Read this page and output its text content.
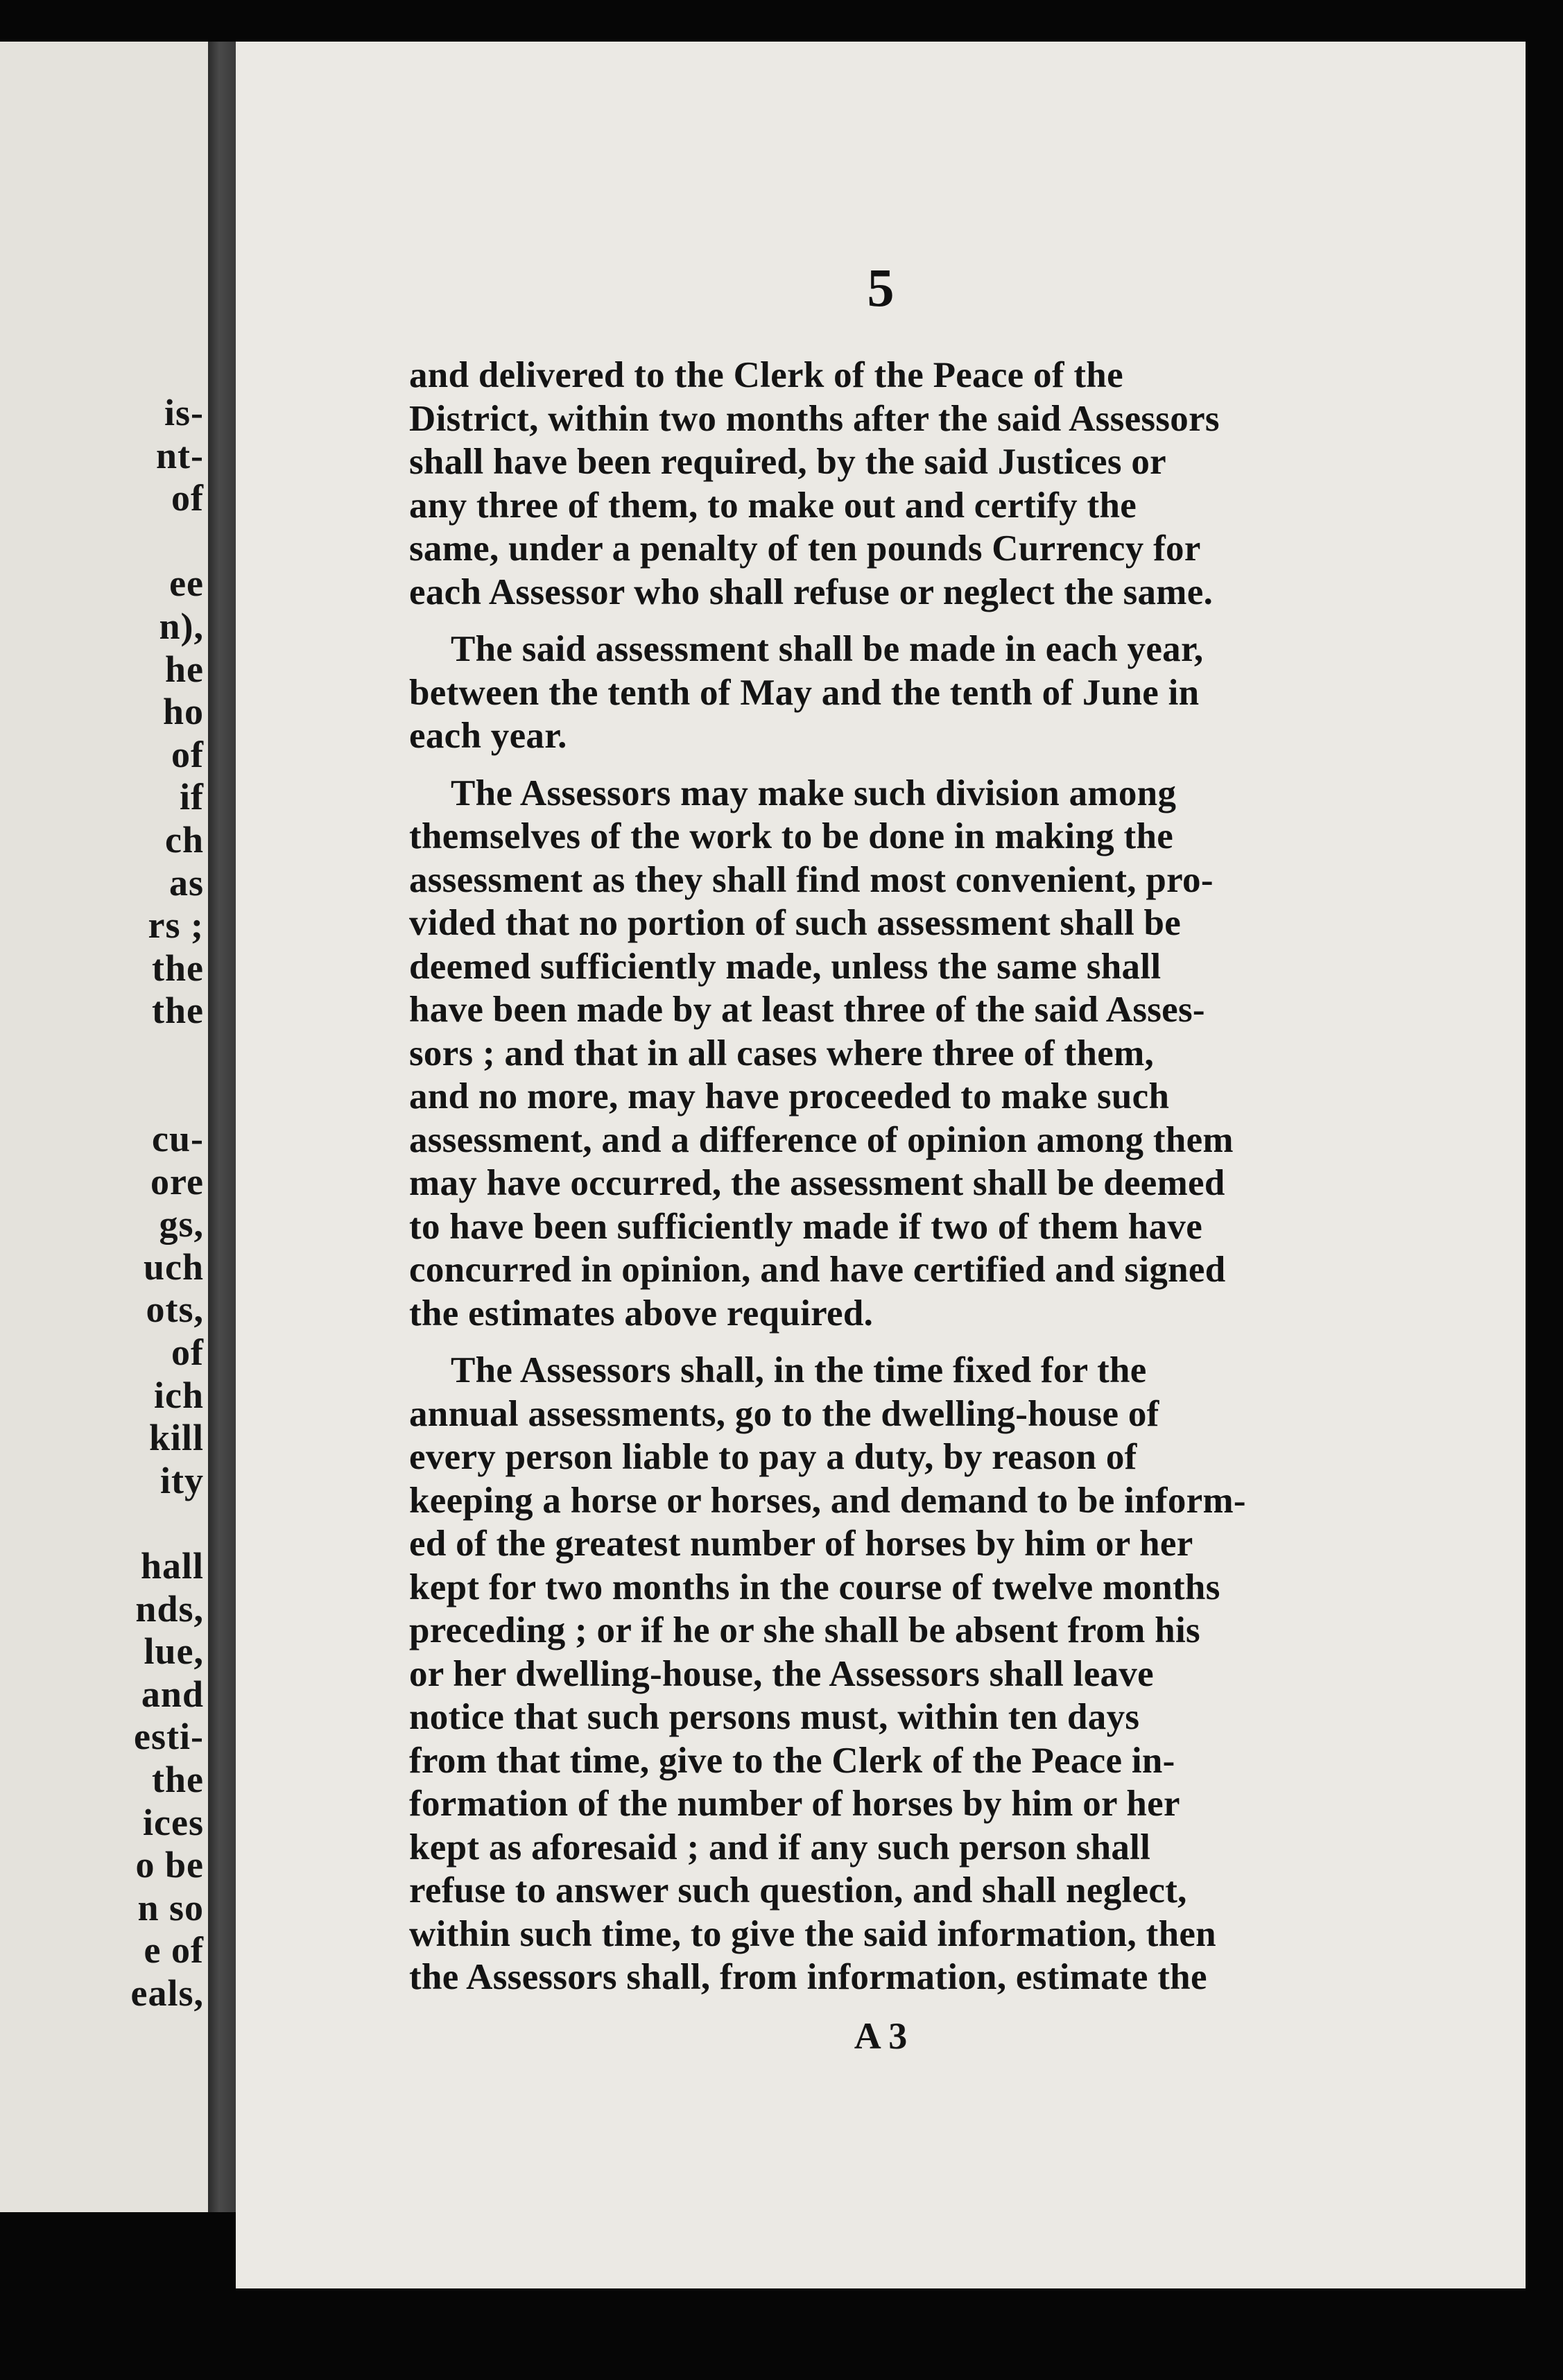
is-
nt-
of
ee
n),
he
ho
of
if
ch
as
rs ;
the
the
cu-
ore
gs,
uch
ots,
of
ich
kill
ity
hall
nds,
lue,
and
esti-
the
ices
o be
n so
e of
eals,
5
and delivered to the Clerk of the Peace of the
District, within two months after the said Assessors
shall have been required, by the said Justices or
any three of them, to make out and certify the
same, under a penalty of ten pounds Currency for
each Assessor who shall refuse or neglect the same.
The said assessment shall be made in each year,
between the tenth of May and the tenth of June in
each year.
The Assessors may make such division among
themselves of the work to be done in making the
assessment as they shall find most convenient, pro-
vided that no portion of such assessment shall be
deemed sufficiently made, unless the same shall
have been made by at least three of the said Asses-
sors ; and that in all cases where three of them,
and no more, may have proceeded to make such
assessment, and a difference of opinion among them
may have occurred, the assessment shall be deemed
to have been sufficiently made if two of them have
concurred in opinion, and have certified and signed
the estimates above required.
The Assessors shall, in the time fixed for the
annual assessments, go to the dwelling-house of
every person liable to pay a duty, by reason of
keeping a horse or horses, and demand to be inform-
ed of the greatest number of horses by him or her
kept for two months in the course of twelve months
preceding ; or if he or she shall be absent from his
or her dwelling-house, the Assessors shall leave
notice that such persons must, within ten days
from that time, give to the Clerk of the Peace in-
formation of the number of horses by him or her
kept as aforesaid ; and if any such person shall
refuse to answer such question, and shall neglect,
within such time, to give the said information, then
the Assessors shall, from information, estimate the
A 3
